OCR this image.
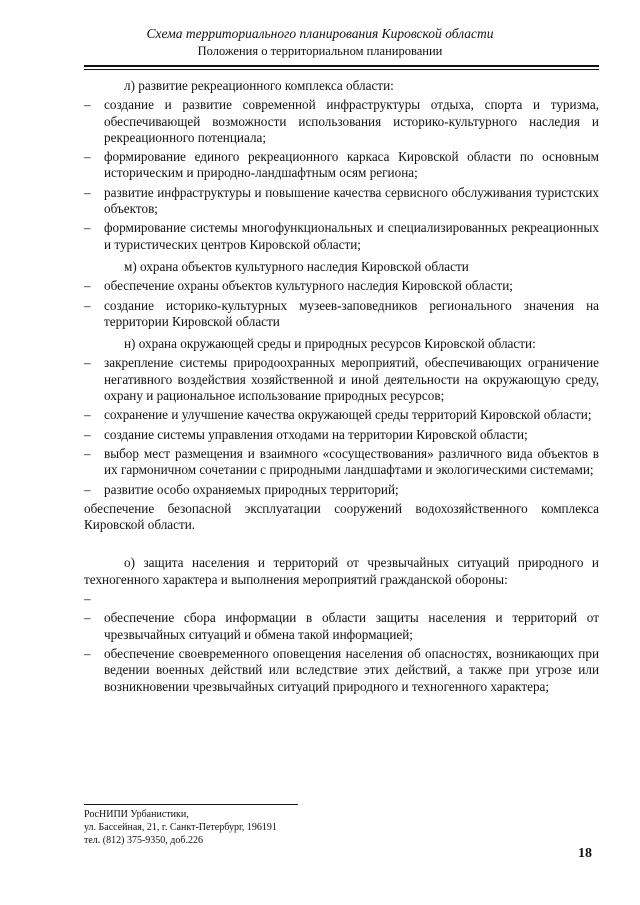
Схема территориального планирования Кировской области
Положения о территориальном планировании

л) развитие рекреационного комплекса области:

– создание и развитие современной инфраструктуры отдыха, спорта и туризма, обеспечивающей возможности использования историко-культурного наследия и рекреационного потенциала;
– формирование единого рекреационного каркаса Кировской области по основным историческим и природно-ландшафтным осям региона;
– развитие инфраструктуры и повышение качества сервисного обслуживания туристских объектов;
– формирование системы многофункциональных и специализированных рекреационных и туристических центров Кировской области;

м) охрана объектов культурного наследия Кировской области

– обеспечение охраны объектов культурного наследия Кировской области;
– создание историко-культурных музеев-заповедников регионального значения на территории Кировской области

н) охрана окружающей среды и природных ресурсов Кировской области:

– закрепление системы природоохранных мероприятий, обеспечивающих ограничение негативного воздействия хозяйственной и иной деятельности на окружающую среду, охрану и рациональное использование природных ресурсов;
– сохранение и улучшение качества окружающей среды территорий Кировской области;
– создание системы управления отходами на территории Кировской области;
– выбор мест размещения и взаимного «сосуществования» различного вида объектов в их гармоничном сочетании с природными ландшафтами и экологическими системами;
– развитие особо охраняемых природных территорий;

обеспечение безопасной эксплуатации сооружений водохозяйственного комплекса Кировской области.

о) защита населения и территорий от чрезвычайных ситуаций природного и техногенного характера и выполнения мероприятий гражданской обороны:

–
– обеспечение сбора информации в области защиты населения и территорий от чрезвычайных ситуаций и обмена такой информацией;
– обеспечение своевременного оповещения населения об опасностях, возникающих при ведении военных действий или вследствие этих действий, а также при угрозе или возникновении чрезвычайных ситуаций природного и техногенного характера;
РосНИПИ Урбанистики,
ул. Бассейная, 21, г. Санкт-Петербург, 196191
тел. (812) 375-9350, доб.226
18
